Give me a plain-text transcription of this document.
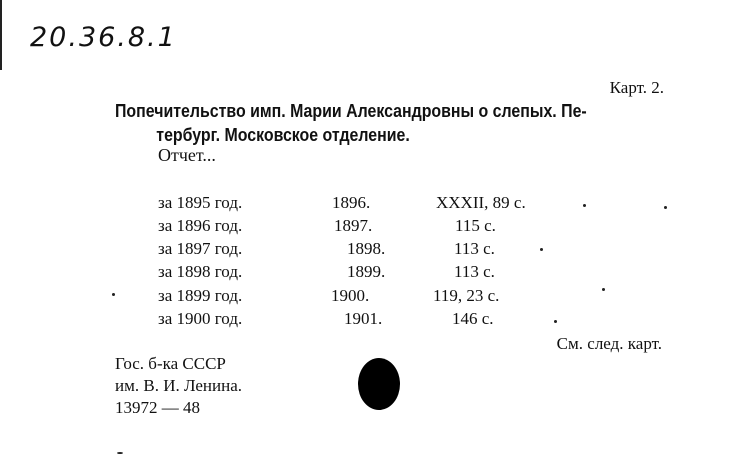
20.36.8.1
Карт. 2.
Попечительство имп. Марии Александровны о слепых. Пе-
тербург. Московское отделение.
Отчет...
за 1895 год.	1896.	XXXII, 89 с.
за 1896 год.	1897.	115 с.
за 1897 год.	1898.	113 с.
за 1898 год.	1899.	113 с.
за 1899 год.	1900.	119, 23 с.
за 1900 год.	1901.	146 с.
См. след. карт.
Гос. б-ка СССР
им. В. И. Ленина.
13972 — 48
